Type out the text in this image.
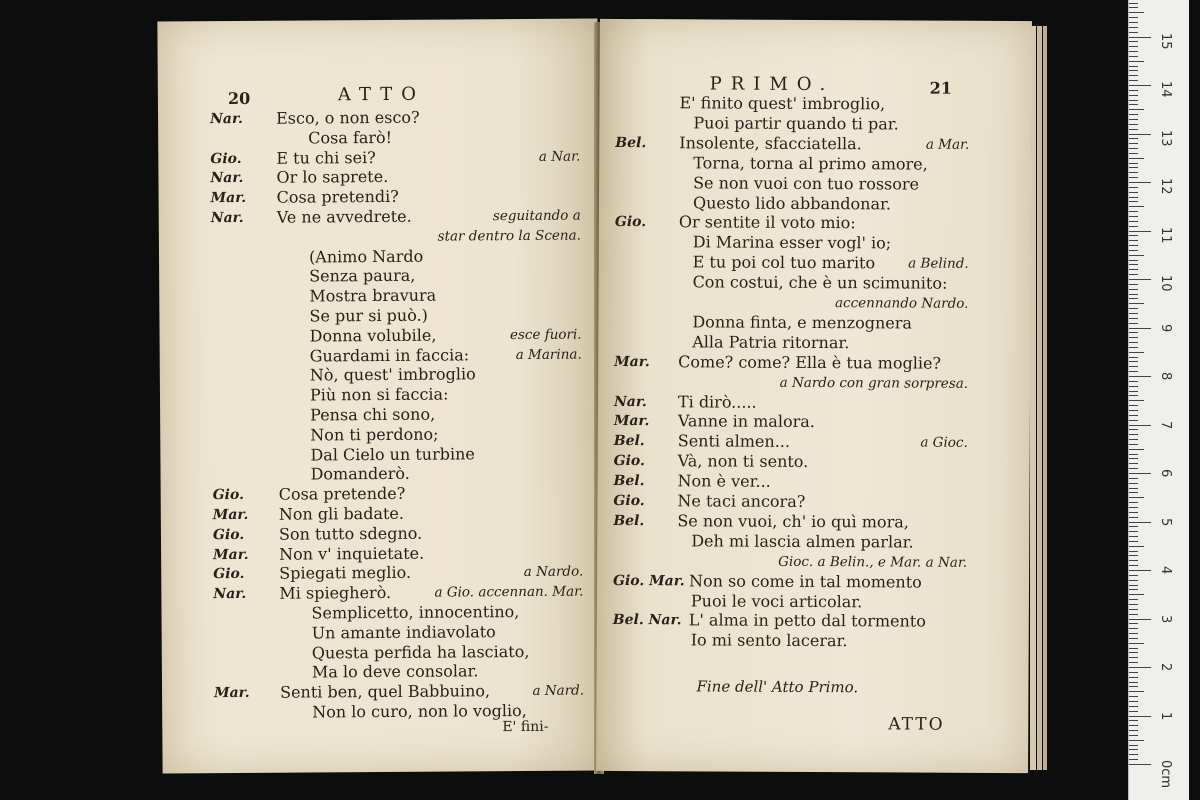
20	ATTO
Nar. Esco, o non esco?
Cosa farò!
Gio. E tu chi sei?	a Nar.
Nar. Or lo saprete.
Mar. Cosa pretendi?
Nar. Ve ne avvedrete.	seguitando a
star dentro la Scena.
(Animo Nardo
Senza paura,
Mostra bravura
Se pur si può.)
Donna volubile,	esce fuori.
Guardami in faccia:	a Marina.
Nò, quest' imbroglio
Più non si faccia:
Pensa chi sono,
Non ti perdono;
Dal Cielo un turbine
Domanderò.
Gio. Cosa pretende?
Mar. Non gli badate.
Gio. Son tutto sdegno.
Mar. Non v' inquietate.
Gio. Spiegati meglio.	a Nardo.
Nar. Mi spiegherò.	a Gio. accennan. Mar.
Semplicetto, innocentino,
Un amante indiavolato
Questa perfida ha lasciato,
Ma lo deve consolar.
Mar. Senti ben, quel Babbuino,	a Nard.
Non lo curo, non lo voglio,
E' fini-
PRIMO.	21
E' finito quest' imbroglio,
Puoi partir quando ti par.
Bel. Insolente, sfacciatella.	a Mar.
Torna, torna al primo amore,
Se non vuoi con tuo rossore
Questo lido abbandonar.
Gio. Or sentite il voto mio:
Di Marina esser vogl' io;
E tu poi col tuo marito a Belind.
Con costui, che è un scimunito:
accennando Nardo.
Donna finta, e menzognera
Alla Patria ritornar.
Mar. Come? come? Ella è tua moglie?
a Nardo con gran sorpresa.
Nar. Ti dirò.....
Mar. Vanne in malora.
Bel. Senti almen...	a Gioc.
Gio. Và, non ti sento.
Bel. Non è ver...
Gio. Ne taci ancora?
Bel. Se non vuoi, ch' io quì mora,
Deh mi lascia almen parlar.
Gioc. a Belin., e Mar. a Nar.
Gio. Mar. Non so come in tal momento
Puoi le voci articolar.
Bel. Nar. L' alma in petto dal tormento
Io mi sento lacerar.
Fine dell' Atto Primo.
ATTO
0cm
1
2
3
4
5
6
7
8
9
10
11
12
13
14
15
